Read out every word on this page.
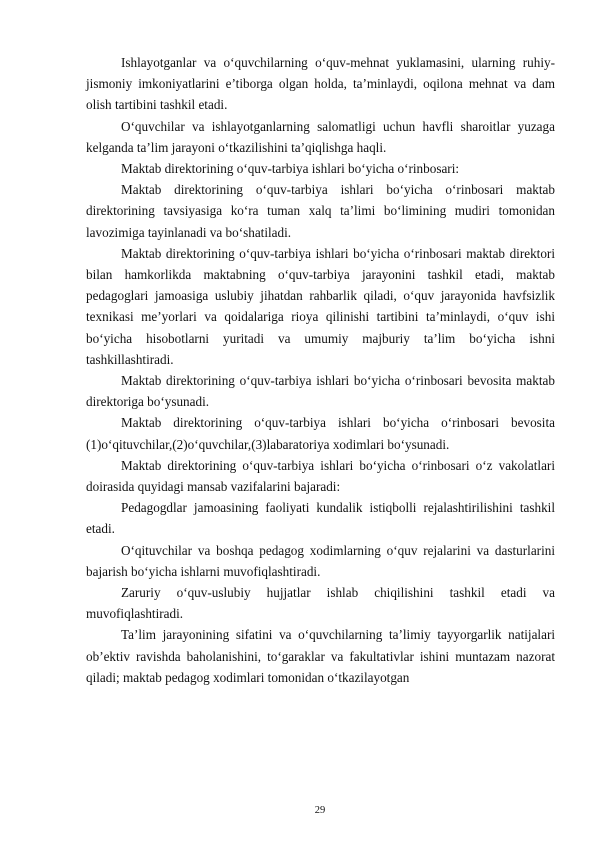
Ishlayotganlar va o‘quvchilarning o‘quv-mehnat yuklamasini, ularning ruhiy-jismoniy imkoniyatlarini e’tiborga olgan holda, ta’minlaydi, oqilona mehnat va dam olish tartibini tashkil etadi.

O‘quvchilar va ishlayotganlarning salomatligi uchun havfli sharoitlar yuzaga kelganda ta’lim jarayoni o‘tkazilishini ta’qiqlishga haqli.

Maktab direktorining o‘quv-tarbiya ishlari bo‘yicha o‘rinbosari:

Maktab direktorining o‘quv-tarbiya ishlari bo‘yicha o‘rinbosari maktab direktorining tavsiyasiga ko‘ra tuman xalq ta’limi bo‘limining mudiri tomonidan lavozimiga tayinlanadi va bo‘shatiladi.

Maktab direktorining o‘quv-tarbiya ishlari bo‘yicha o‘rinbosari maktab direktori bilan hamkorlikda maktabning o‘quv-tarbiya jarayonini tashkil etadi, maktab pedagoglari jamoasiga uslubiy jihatdan rahbarlik qiladi, o‘quv jarayonida havfsizlik texnikasi me’yorlari va qoidalariga rioya qilinishi tartibini ta’minlaydi, o‘quv ishi bo‘yicha hisobotlarni yuritadi va umumiy majburiy ta’lim bo‘yicha ishni tashkillashtiradi.

Maktab direktorining o‘quv-tarbiya ishlari bo‘yicha o‘rinbosari bevosita maktab direktoriga bo‘ysunadi.

Maktab direktorining o‘quv-tarbiya ishlari bo‘yicha o‘rinbosari bevosita (1)o‘qituvchilar,(2)o‘quvchilar,(3)labaratoriya xodimlari bo‘ysunadi.

Maktab direktorining o‘quv-tarbiya ishlari bo‘yicha o‘rinbosari o‘z vakolatlari doirasida quyidagi mansab vazifalarini bajaradi:

Pedagogdlar jamoasining faoliyati kundalik istiqbolli rejalashtirilishini tashkil etadi.

O‘qituvchilar va boshqa pedagog xodimlarning o‘quv rejalarini va dasturlarini bajarish bo‘yicha ishlarni muvofiqlashtiradi.

Zaruriy o‘quv-uslubiy hujjatlar ishlab chiqilishini tashkil etadi va muvofiqlashtiradi.

Ta’lim jarayonining sifatini va o‘quvchilarning ta’limiy tayyorgarlik natijalari ob’ektiv ravishda baholanishini, to‘garaklar va fakultativlar ishini muntazam nazorat qiladi; maktab pedagog xodimlari tomonidan o‘tkazilayotgan

29
